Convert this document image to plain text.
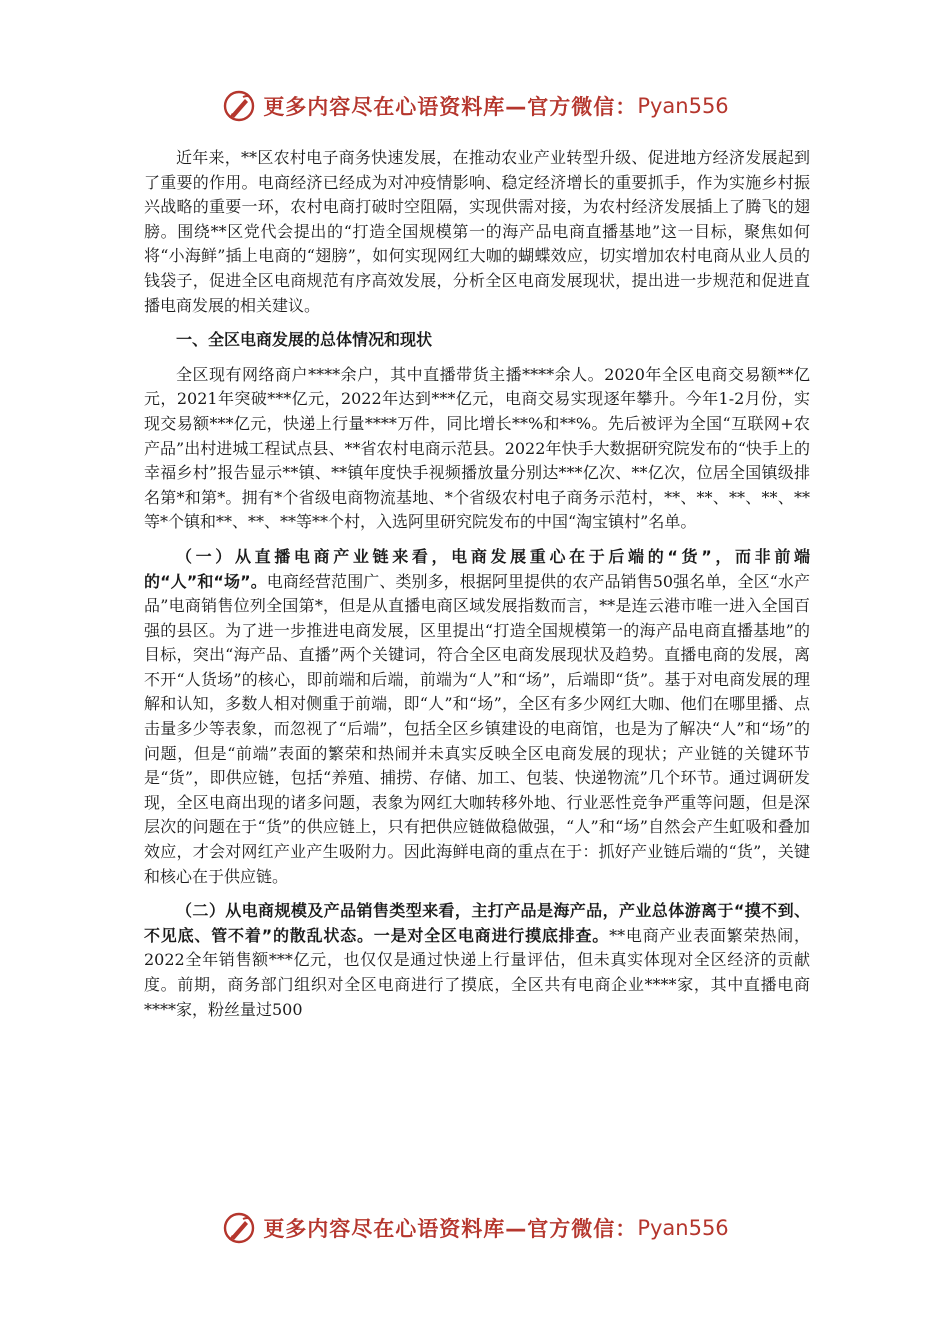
更多内容尽在心语资料库—官方微信： Pyan556

近年来，**区农村电子商务快速发展，在推动农业产业转型升级、促进地方经济发展起到了重要的作用。电商经济已经成为对冲疫情影响、稳定经济增长的重要抓手，作为实施乡村振兴战略的重要一环，农村电商打破时空阻隔，实现供需对接，为农村经济发展插上了腾飞的翅膀。围绕**区党代会提出的“打造全国规模第一的海产品电商直播基地”这一目标，聚焦如何将“小海鲜”插上电商的“翅膀”，如何实现网红大咖的蝴蝶效应，切实增加农村电商从业人员的钱袋子，促进全区电商规范有序高效发展，分析全区电商发展现状，提出进一步规范和促进直播电商发展的相关建议。

一、全区电商发展的总体情况和现状

全区现有网络商户****余户，其中直播带货主播****余人。2020年全区电商交易额**亿元，2021年突破***亿元，2022年达到***亿元，电商交易实现逐年攀升。今年1-2月份，实现交易额***亿元，快递上行量****万件，同比增长**%和**%。先后被评为全国“互联网+农产品”出村进城工程试点县、**省农村电商示范县。2022年快手大数据研究院发布的“快手上的幸福乡村”报告显示**镇、**镇年度快手视频播放量分别达***亿次、**亿次，位居全国镇级排名第*和第*。拥有*个省级电商物流基地、*个省级农村电子商务示范村，**、**、**、**、**等*个镇和**、**、**等**个村，入选阿里研究院发布的中国“淘宝镇村”名单。

（一）从直播电商产业链来看，电商发展重心在于后端的“货”，而非前端的“人”和“场”。电商经营范围广、类别多，根据阿里提供的农产品销售50强名单，全区“水产品”电商销售位列全国第*，但是从直播电商区域发展指数而言，**是连云港市唯一进入全国百强的县区。为了进一步推进电商发展，区里提出“打造全国规模第一的海产品电商直播基地”的目标，突出“海产品、直播”两个关键词，符合全区电商发展现状及趋势。直播电商的发展，离不开“人货场”的核心，即前端和后端，前端为“人”和“场”，后端即“货”。基于对电商发展的理解和认知，多数人相对侧重于前端，即“人”和“场”，全区有多少网红大咖、他们在哪里播、点击量多少等表象，而忽视了“后端”，包括全区乡镇建设的电商馆，也是为了解决“人”和“场”的问题，但是“前端”表面的繁荣和热闹并未真实反映全区电商发展的现状；产业链的关键环节是“货”，即供应链，包括“养殖、捕捞、存储、加工、包装、快递物流”几个环节。通过调研发现，全区电商出现的诸多问题，表象为网红大咖转移外地、行业恶性竞争严重等问题，但是深层次的问题在于“货”的供应链上，只有把供应链做稳做强，“人”和“场”自然会产生虹吸和叠加效应，才会对网红产业产生吸附力。因此海鲜电商的重点在于：抓好产业链后端的“货”，关键和核心在于供应链。

（二）从电商规模及产品销售类型来看，主打产品是海产品，产业总体游离于“摸不到、不见底、管不着”的散乱状态。一是对全区电商进行摸底排查。**电商产业表面繁荣热闹，2022全年销售额***亿元，也仅仅是通过快递上行量评估，但未真实体现对全区经济的贡献度。前期，商务部门组织对全区电商进行了摸底，全区共有电商企业****家，其中直播电商****家，粉丝量过500

更多内容尽在心语资料库—官方微信： Pyan556
